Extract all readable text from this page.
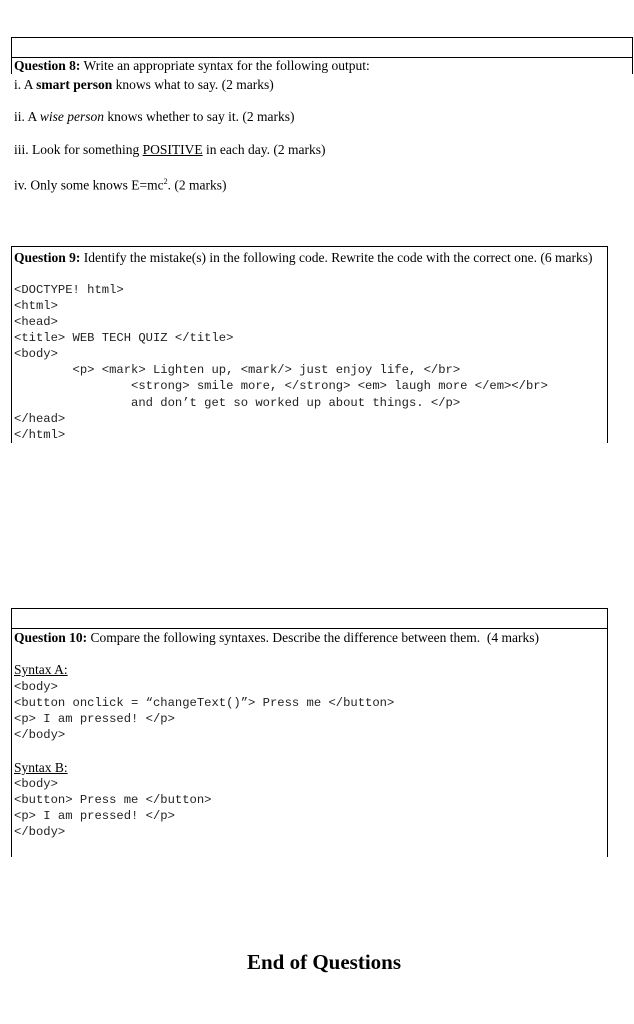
Question 8: Write an appropriate syntax for the following output:
i. A smart person knows what to say. (2 marks)
ii. A wise person knows whether to say it. (2 marks)
iii. Look for something POSITIVE in each day. (2 marks)
iv. Only some knows $E=mc^2$. (2 marks)
Question 9: Identify the mistake(s) in the following code. Rewrite the code with the correct one. (6 marks)
<DOCTYPE! html>
<html>
<head>
<title> WEB TECH QUIZ </title>
<body>
<p> <mark> Lighten up, <mark/> just enjoy life, </br>
<strong> smile more, </strong> <em> laugh more </em></br>
and don’t get so worked up about things. </p>
</head>
</html>
Question 10: Compare the following syntaxes. Describe the difference between them.  (4 marks)
Syntax A:
<body>
<button onclick = “changeText()”> Press me </button>
<p> I am pressed! </p>
</body>
Syntax B:
<body>
<button> Press me </button>
<p> I am pressed! </p>
</body>
End of Questions
